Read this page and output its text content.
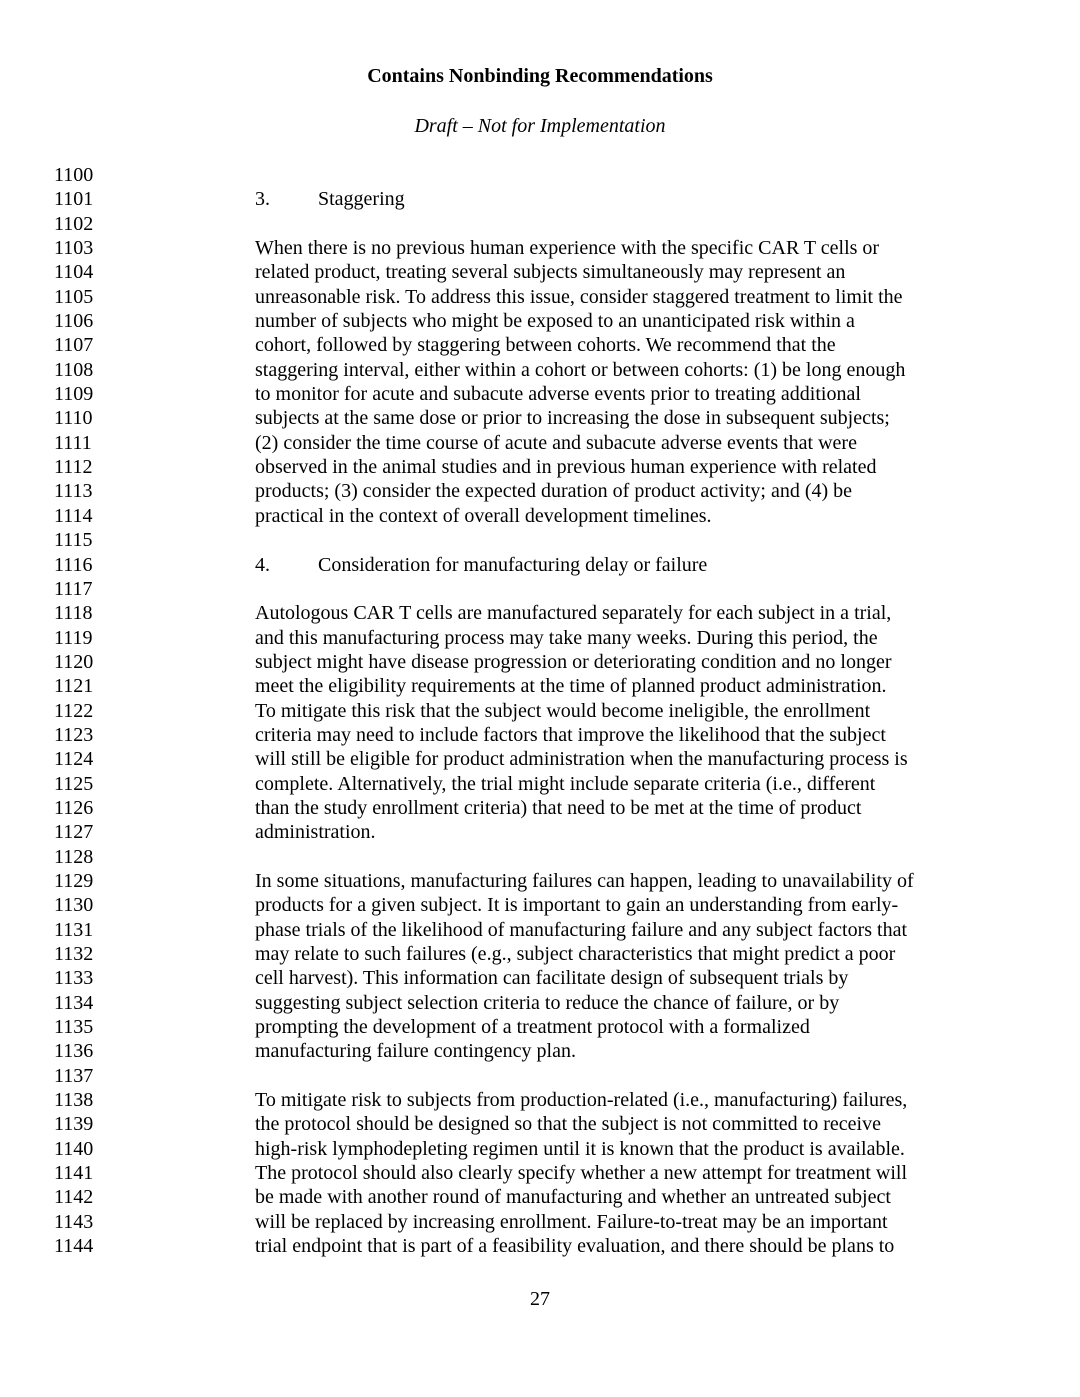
Contains Nonbinding Recommendations
Draft – Not for Implementation
1100
1101	3. Staggering
1102
1103	When there is no previous human experience with the specific CAR T cells or
1104	related product, treating several subjects simultaneously may represent an
1105	unreasonable risk. To address this issue, consider staggered treatment to limit the
1106	number of subjects who might be exposed to an unanticipated risk within a
1107	cohort, followed by staggering between cohorts. We recommend that the
1108	staggering interval, either within a cohort or between cohorts: (1) be long enough
1109	to monitor for acute and subacute adverse events prior to treating additional
1110	subjects at the same dose or prior to increasing the dose in subsequent subjects;
1111	(2) consider the time course of acute and subacute adverse events that were
1112	observed in the animal studies and in previous human experience with related
1113	products; (3) consider the expected duration of product activity; and (4) be
1114	practical in the context of overall development timelines.
1115
1116	4. Consideration for manufacturing delay or failure
1117
1118	Autologous CAR T cells are manufactured separately for each subject in a trial,
1119	and this manufacturing process may take many weeks. During this period, the
1120	subject might have disease progression or deteriorating condition and no longer
1121	meet the eligibility requirements at the time of planned product administration.
1122	To mitigate this risk that the subject would become ineligible, the enrollment
1123	criteria may need to include factors that improve the likelihood that the subject
1124	will still be eligible for product administration when the manufacturing process is
1125	complete. Alternatively, the trial might include separate criteria (i.e., different
1126	than the study enrollment criteria) that need to be met at the time of product
1127	administration.
1128
1129	In some situations, manufacturing failures can happen, leading to unavailability of
1130	products for a given subject. It is important to gain an understanding from early-
1131	phase trials of the likelihood of manufacturing failure and any subject factors that
1132	may relate to such failures (e.g., subject characteristics that might predict a poor
1133	cell harvest). This information can facilitate design of subsequent trials by
1134	suggesting subject selection criteria to reduce the chance of failure, or by
1135	prompting the development of a treatment protocol with a formalized
1136	manufacturing failure contingency plan.
1137
1138	To mitigate risk to subjects from production-related (i.e., manufacturing) failures,
1139	the protocol should be designed so that the subject is not committed to receive
1140	high-risk lymphodepleting regimen until it is known that the product is available.
1141	The protocol should also clearly specify whether a new attempt for treatment will
1142	be made with another round of manufacturing and whether an untreated subject
1143	will be replaced by increasing enrollment. Failure-to-treat may be an important
1144	trial endpoint that is part of a feasibility evaluation, and there should be plans to
27
